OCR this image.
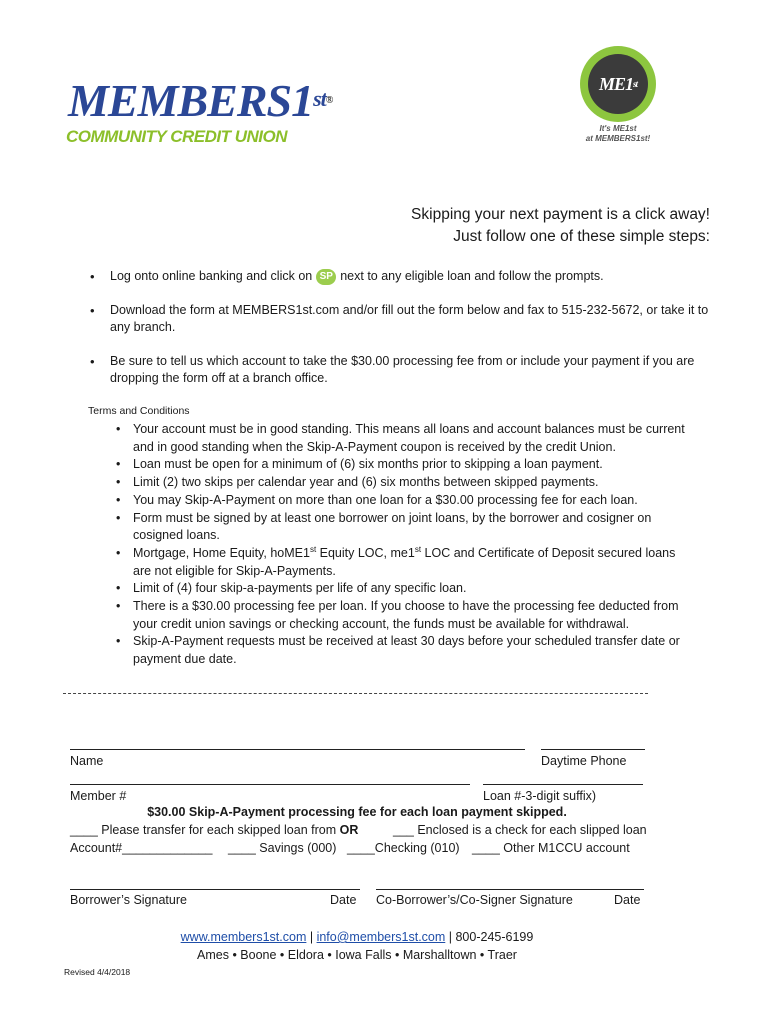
$MEMBERS1^{st®}$
COMMUNITY CREDIT UNION
ME1 st
It's ME1st
at MEMBERS1st!
Skipping your next payment is a click away!
Just follow one of these simple steps:
• Log onto online banking and click on SP next to any eligible loan and follow the prompts.
• Download the form at MEMBERS1st.com and/or fill out the form below and fax to 515-232-5672, or take it to any branch.
• Be sure to tell us which account to take the $30.00 processing fee from or include your payment if you are dropping the form off at a branch office.
Terms and Conditions
• Your account must be in good standing. This means all loans and account balances must be current and in good standing when the Skip-A-Payment coupon is received by the credit Union.
• Loan must be open for a minimum of (6) six months prior to skipping a loan payment.
• Limit (2) two skips per calendar year and (6) six months between skipped payments.
• You may Skip-A-Payment on more than one loan for a $30.00 processing fee for each loan.
• Form must be signed by at least one borrower on joint loans, by the borrower and cosigner on cosigned loans.
• Mortgage, Home Equity, hoME1st Equity LOC, me1st LOC and Certificate of Deposit secured loans are not eligible for Skip-A-Payments.
• Limit of (4) four skip-a-payments per life of any specific loan.
• There is a $30.00 processing fee per loan. If you choose to have the processing fee deducted from your credit union savings or checking account, the funds must be available for withdrawal.
• Skip-A-Payment requests must be received at least 30 days before your scheduled transfer date or payment due date.
Name	Daytime Phone
Member #	Loan #-3-digit suffix)
$30.00 Skip-A-Payment processing fee for each loan payment skipped.
____ Please transfer for each skipped loan from OR	___ Enclosed is a check for each slipped loan
Account#_____________ ____ Savings (000) ____Checking (010) ____ Other M1CCU account
Borrower’s Signature	Date Co-Borrower’s/Co-Signer Signature	Date
www.members1st.com | info@members1st.com | 800-245-6199
Ames • Boone • Eldora • Iowa Falls • Marshalltown • Traer
Revised 4/4/2018
